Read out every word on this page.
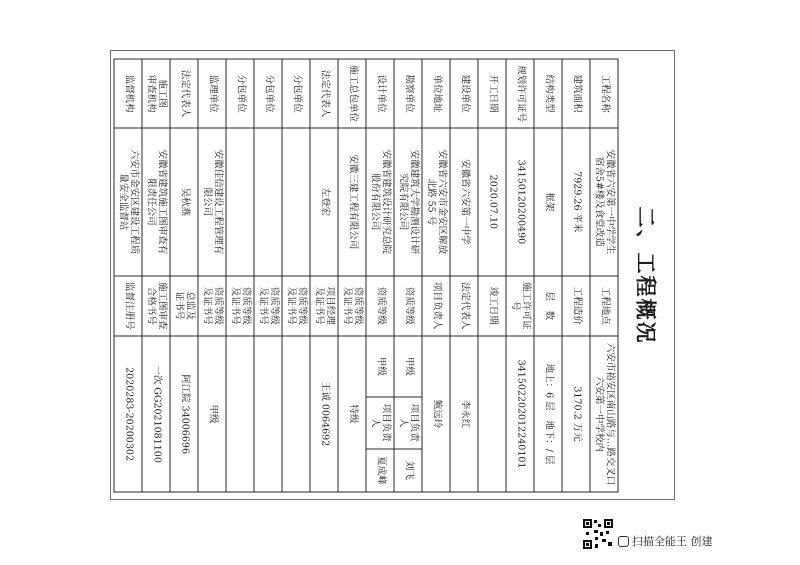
二、工程概况
工程名称	安徽省六安第一中学学生
宿舍5#楼及食堂改造	工程地点	六安市裕安区南山路与…路交叉口
六安第一中学校内		
建筑面积	7929.26 平米	工程造价	3170.2 万元		
结构类型	框架	层　数	地上：6 层　地下：/ 层		
规划许可证号	34150120200490	施工许可证号	341502202012240101		
开工日期	2020.07.10	竣工日期			
建设单位	安徽省六安第一中学	法定代表人	李永红		
单位地址	安徽省六安市金安区解放
北路 55 号	项目负责人	鲍远玲		
勘察单位	安徽建筑大学勘测设计研
究院有限公司	资质等级	甲级	项目负责人	刘飞
设计单位	安徽省建筑设计研究总院
股份有限公司	资质等级	甲级	项目负责人	夏成峰
施工总包单位	安徽三建工程有限公司	资质等级
及证书号	特级		
法定代表人	左登宏	项目经理
及证书号	王诚 0064692		
分包单位		资质等级
及证书号			
分包单位		资质等级
及证书号			
分包单位		资质等级
及证书号			
监理单位	安徽佳信建设工程管理有
限公司	资质等级
及证书号	甲级		
法定代表人	吴秋燕	总监及
证书号	阿江院 34006696		
施工图
审查机构	安徽省建筑施工图审查有
限责任公司	施工图审查
合格书号	一次 GG2021081100		
监督机构	六安市金安区建设工程质
量安全监督站	监督注册号	2020283-20200302		
扫描全能王 创建
